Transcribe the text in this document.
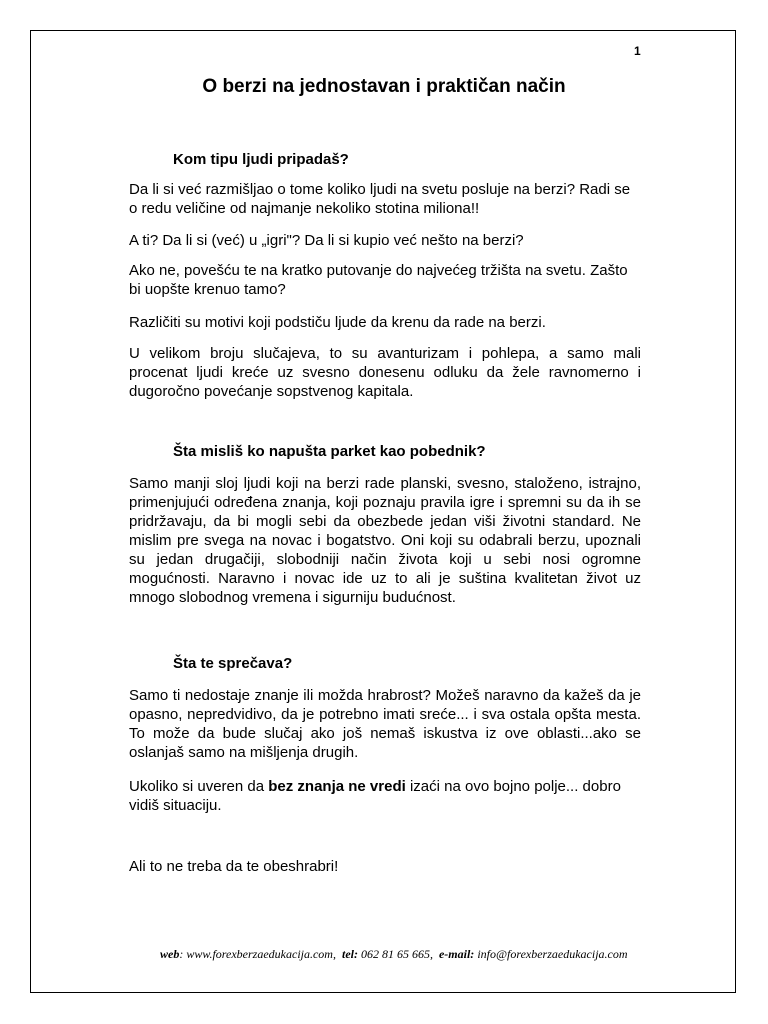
1
O berzi na jednostavan i praktičan način
Kom tipu ljudi pripadaš?

Da li si već razmišljao o tome koliko ljudi na svetu posluje na berzi? Radi se o redu veličine od najmanje nekoliko stotina miliona!!

A ti? Da li si (već) u „igri"? Da li si kupio već nešto na berzi?

Ako ne, povešću te na kratko putovanje do najvećeg tržišta na svetu. Zašto bi uopšte krenuo tamo?

Različiti su motivi koji podstiču ljude da krenu da rade na berzi.

U velikom broju slučajeva, to su avanturizam i pohlepa, a samo mali procenat ljudi kreće uz svesno donesenu odluku da žele ravnomerno i dugoročno povećanje sopstvenog kapitala.

Šta misliš ko napušta parket kao pobednik?

Samo manji sloj ljudi koji na berzi rade planski, svesno, staloženo, istrajno, primenjujući određena znanja, koji poznaju pravila igre i spremni su da ih se pridržavaju, da bi mogli sebi da obezbede jedan viši životni standard. Ne mislim pre svega na novac i bogatstvo. Oni koji su odabrali berzu, upoznali su jedan drugačiji, slobodniji način života koji u sebi nosi ogromne mogućnosti. Naravno i novac ide uz to ali je suština kvalitetan život uz mnogo slobodnog vremena i sigurniju budućnost.

Šta te sprečava?

Samo ti nedostaje znanje ili možda hrabrost? Možeš naravno da kažeš da je opasno, nepredvidivo, da je potrebno imati sreće... i sva ostala opšta mesta. To može da bude slučaj ako još nemaš iskustva iz ove oblasti...ako se oslanjaš samo na mišljenja drugih.

Ukoliko si uveren da bez znanja ne vredi izaći na ovo bojno polje... dobro vidiš situaciju.

Ali to ne treba da te obeshrabri!

web: www.forexberzaedukacija.com, tel: 062 81 65 665, e-mail: info@forexberzaedukacija.com
